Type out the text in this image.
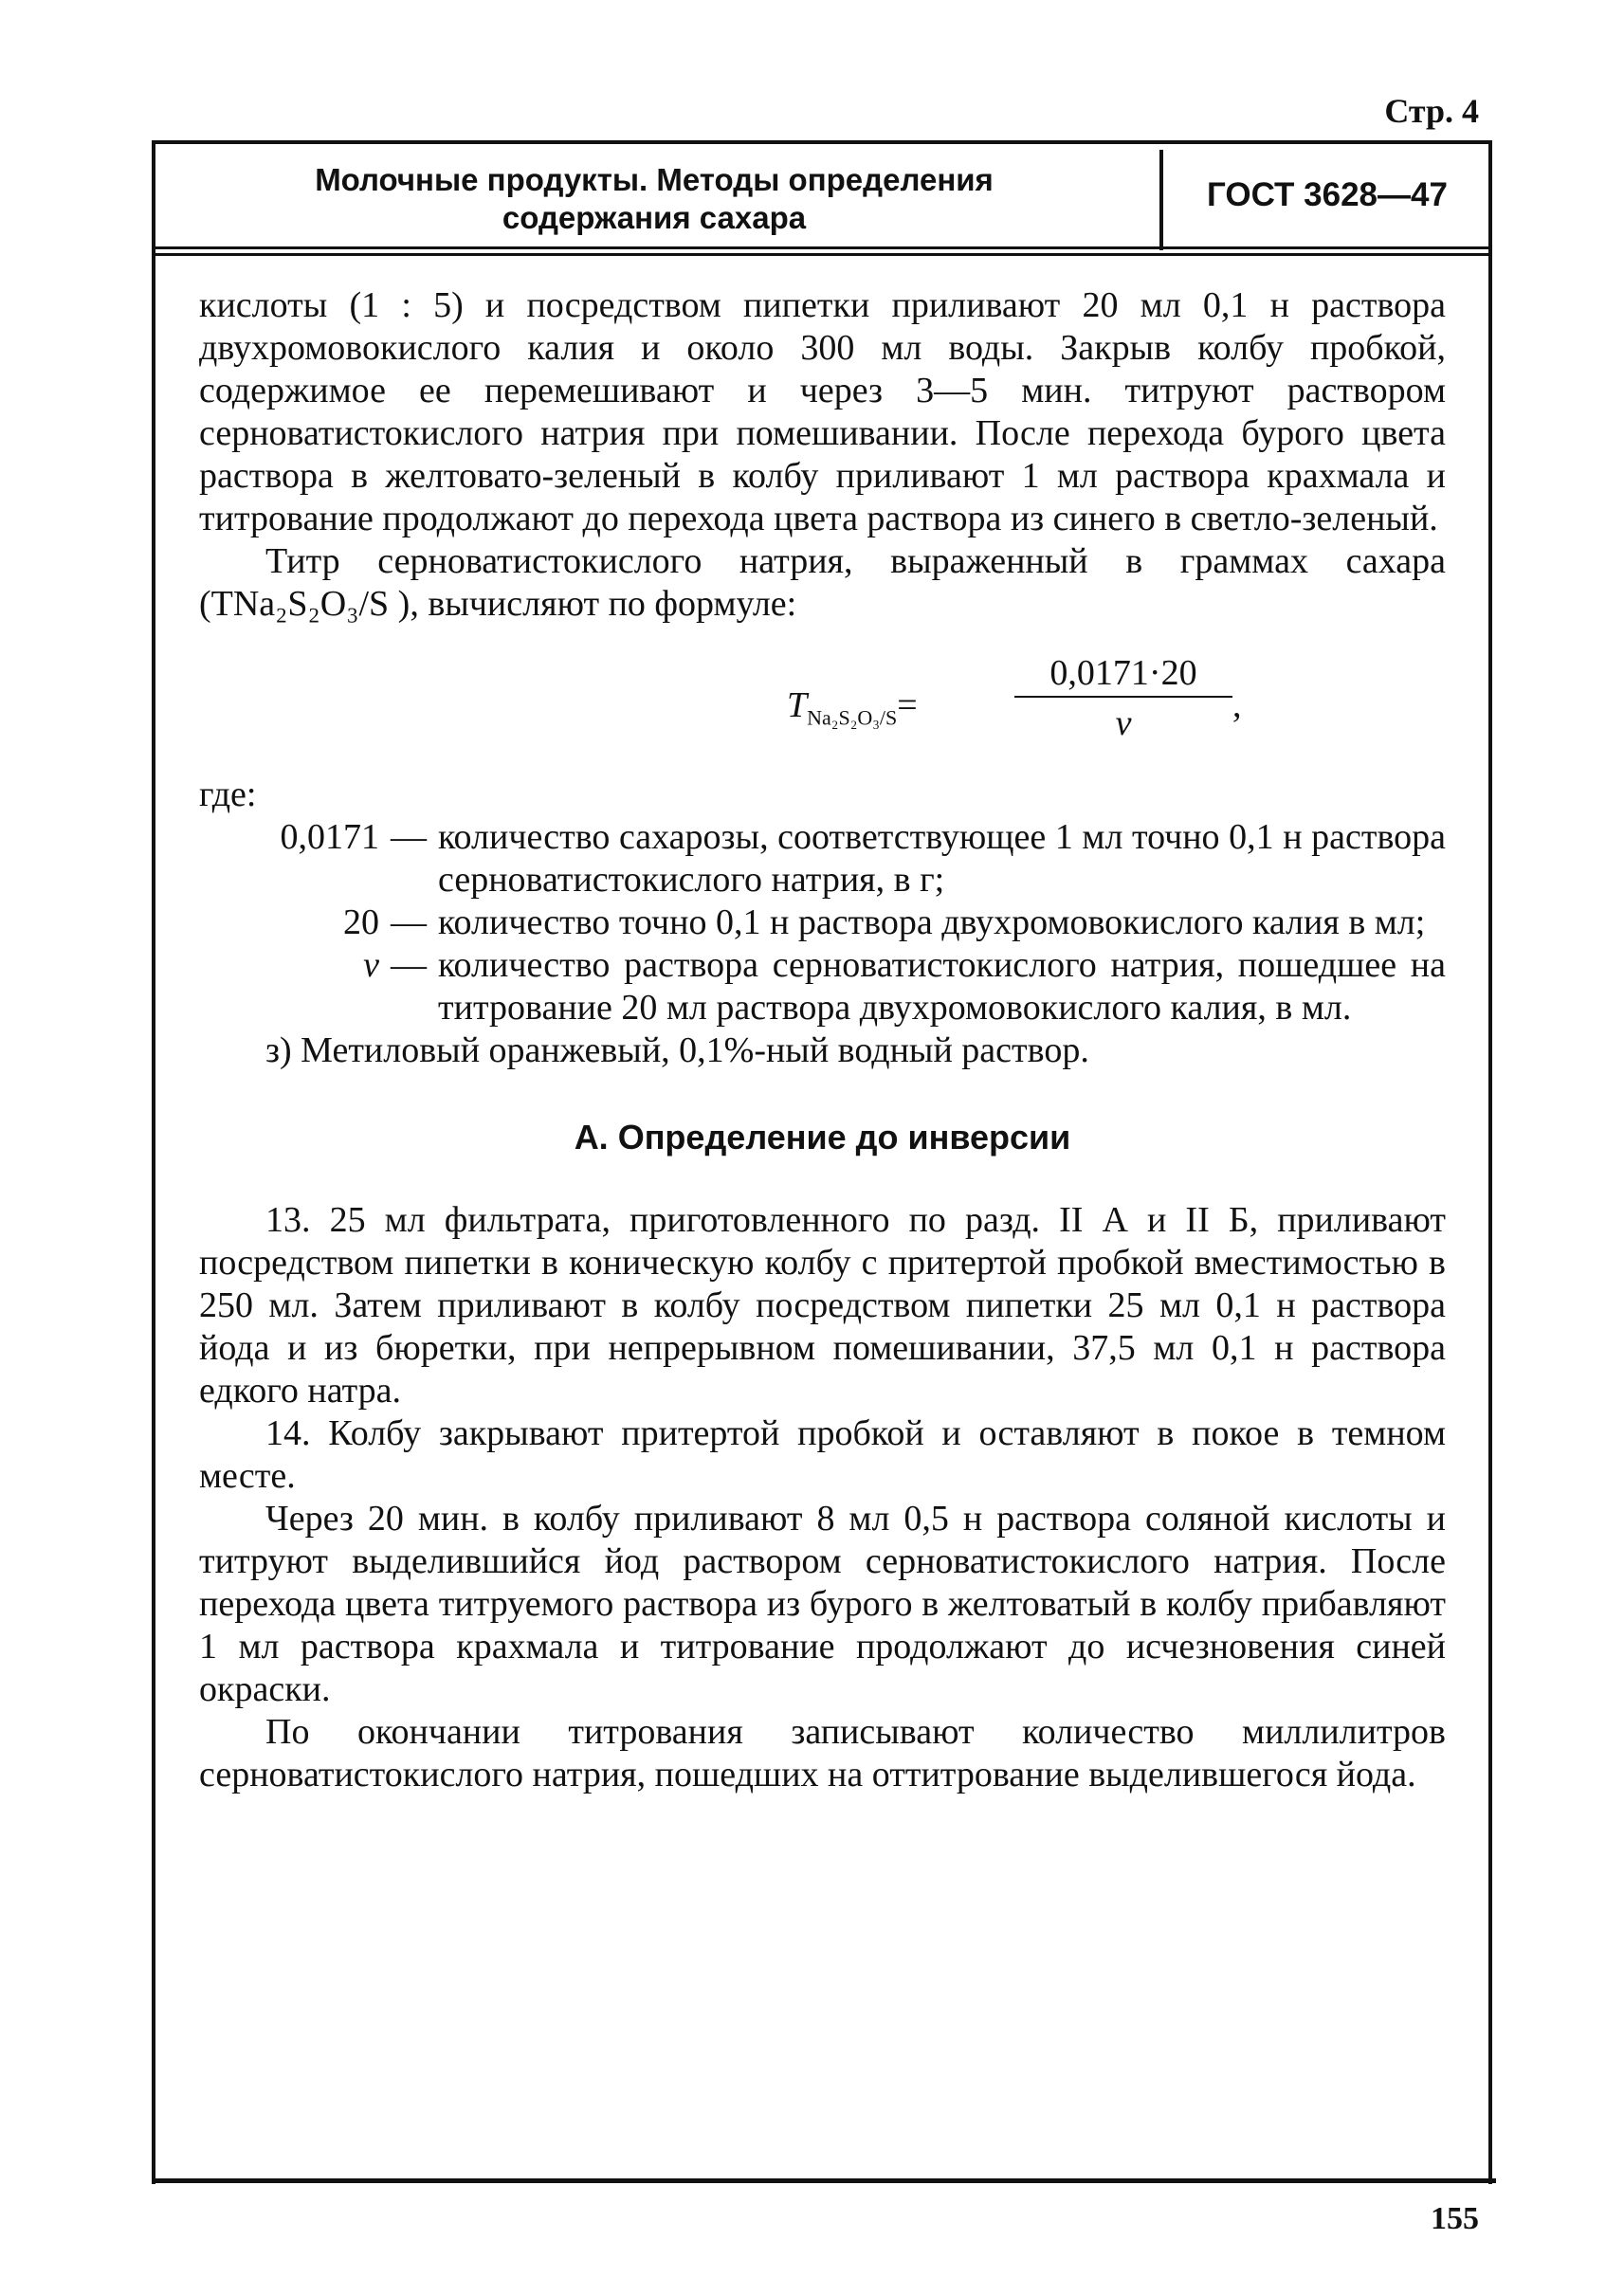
Стр. 4
Молочные продукты. Методы определения
содержания сахара
ГОСТ 3628—47

кислоты (1 : 5) и посредством пипетки приливают 20 мл 0,1 н раствора двухромовокислого калия и около 300 мл воды. Закрыв колбу пробкой, содержимое ее перемешивают и через 3—5 мин. титруют раствором серноватистокислого натрия при помешивании. После перехода бурого цвета раствора в желтовато-зеленый в колбу приливают 1 мл раствора крахмала и титрование продолжают до перехода цвета раствора из синего в светло-зеленый.

Титр серноватистокислого натрия, выраженный в граммах сахара (TNa₂S₂O₃/S ), вычисляют по формуле:

$T_{Na_2S_2O_3/S}=$	$\frac{0,0171\cdot 20}{v}$ ,

где:

0,0171 — количество сахарозы, соответствующее 1 мл точно 0,1 н раствора серноватистокислого натрия, в г;
20 — количество точно 0,1 н раствора двухромовокислого калия в мл;
v — количество раствора серноватистокислого натрия, пошедшее на титрование 20 мл раствора двухромовокислого калия, в мл.

з) Метиловый оранжевый, 0,1%-ный водный раствор.

А. Определение до инверсии

13. 25 мл фильтрата, приготовленного по разд. II А и II Б, приливают посредством пипетки в коническую колбу с притертой пробкой вместимостью в 250 мл. Затем приливают в колбу посредством пипетки 25 мл 0,1 н раствора йода и из бюретки, при непрерывном помешивании, 37,5 мл 0,1 н раствора едкого натра.

14. Колбу закрывают притертой пробкой и оставляют в покое в темном месте.

Через 20 мин. в колбу приливают 8 мл 0,5 н раствора соляной кислоты и титруют выделившийся йод раствором серноватистокислого натрия. После перехода цвета титруемого раствора из бурого в желтоватый в колбу прибавляют 1 мл раствора крахмала и титрование продолжают до исчезновения синей окраски.

По окончании титрования записывают количество миллилитров серноватистокислого натрия, пошедших на оттитрование выделившегося йода.

155
